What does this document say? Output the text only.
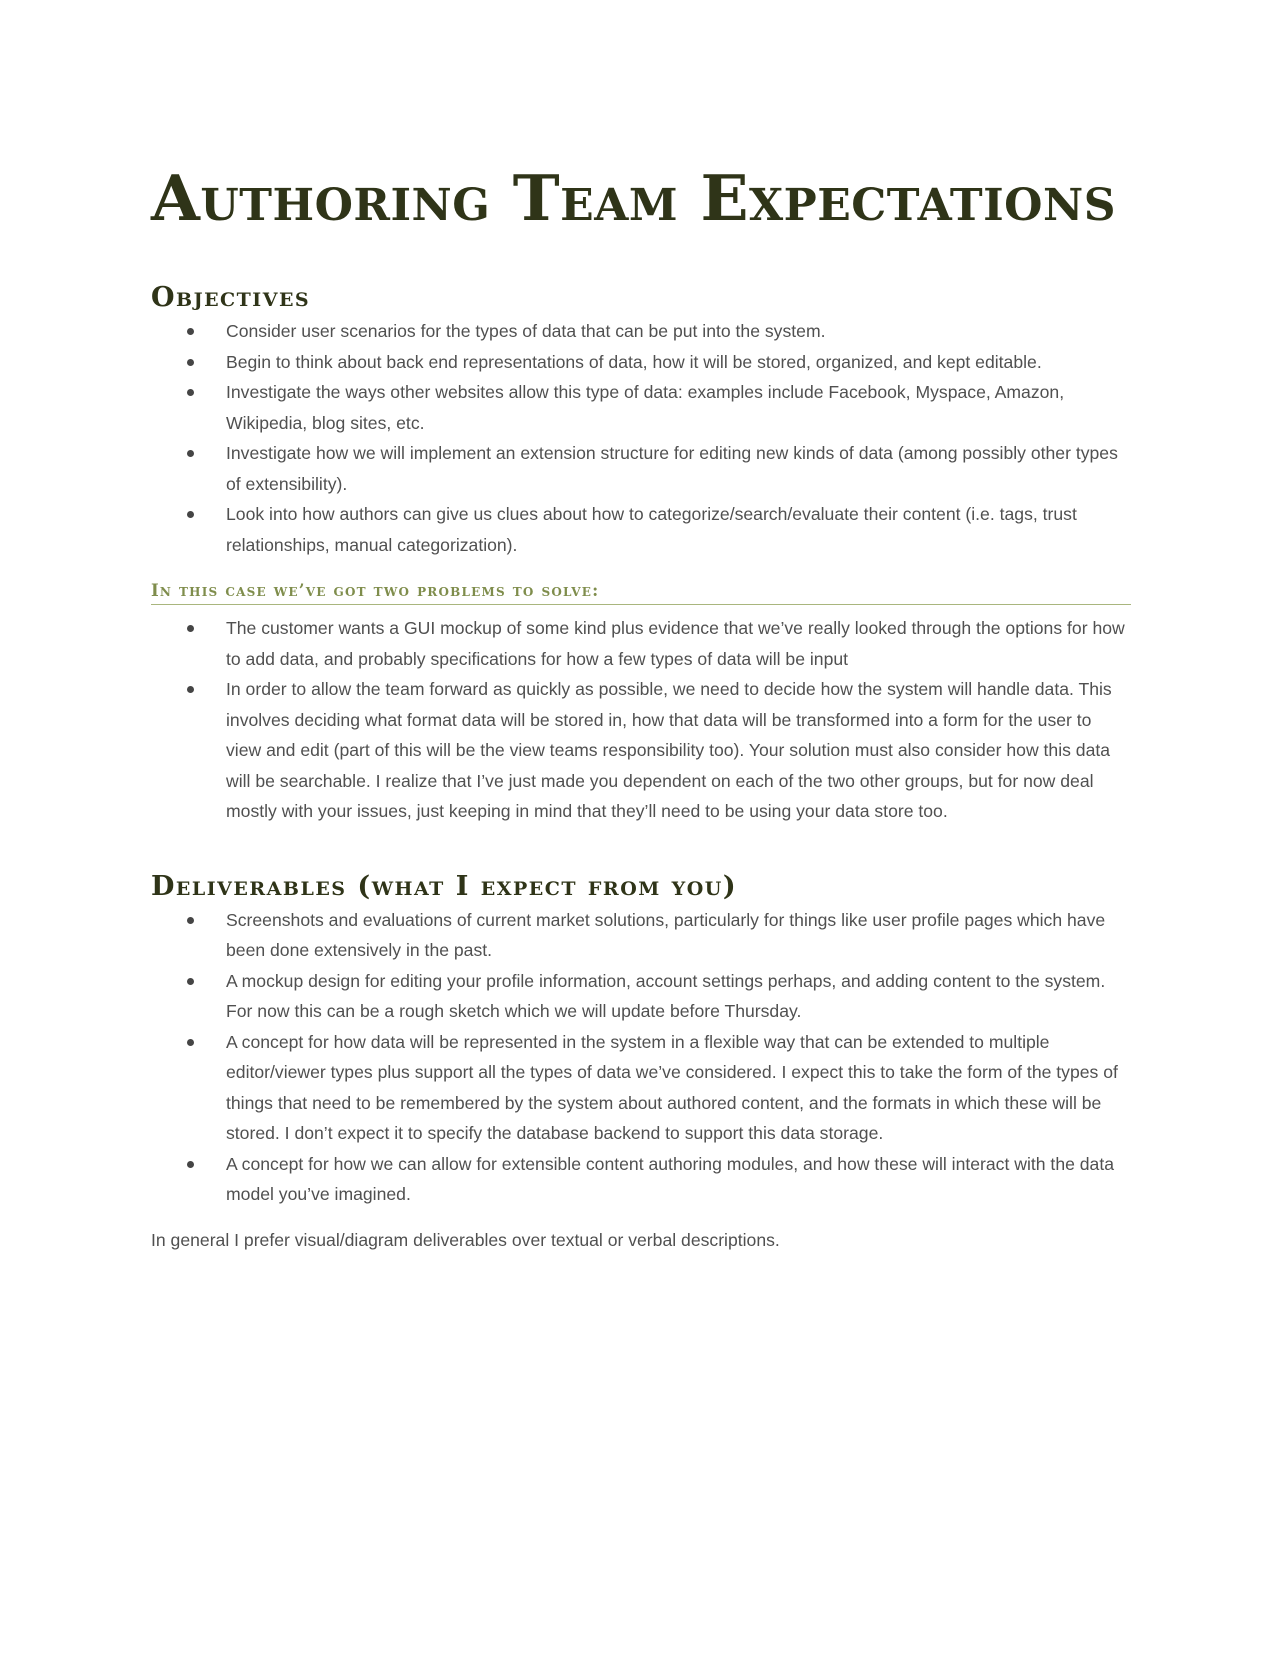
Authoring Team Expectations
Objectives
Consider user scenarios for the types of data that can be put into the system.
Begin to think about back end representations of data, how it will be stored, organized, and kept editable.
Investigate the ways other websites allow this type of data: examples include Facebook, Myspace, Amazon, Wikipedia, blog sites, etc.
Investigate how we will implement an extension structure for editing new kinds of data (among possibly other types of extensibility).
Look into how authors can give us clues about how to categorize/search/evaluate their content (i.e. tags, trust relationships, manual categorization).
In this case we’ve got two problems to solve:
The customer wants a GUI mockup of some kind plus evidence that we’ve really looked through the options for how to add data, and probably specifications for how a few types of data will be input
In order to allow the team forward as quickly as possible, we need to decide how the system will handle data. This involves deciding what format data will be stored in, how that data will be transformed into a form for the user to view and edit (part of this will be the view teams responsibility too). Your solution must also consider how this data will be searchable. I realize that I’ve just made you dependent on each of the two other groups, but for now deal mostly with your issues, just keeping in mind that they’ll need to be using your data store too.
Deliverables (what I expect from you)
Screenshots and evaluations of current market solutions, particularly for things like user profile pages which have been done extensively in the past.
A mockup design for editing your profile information, account settings perhaps, and adding content to the system. For now this can be a rough sketch which we will update before Thursday.
A concept for how data will be represented in the system in a flexible way that can be extended to multiple editor/viewer types plus support all the types of data we’ve considered. I expect this to take the form of the types of things that need to be remembered by the system about authored content, and the formats in which these will be stored. I don’t expect it to specify the database backend to support this data storage.
A concept for how we can allow for extensible content authoring modules, and how these will interact with the data model you’ve imagined.

In general I prefer visual/diagram deliverables over textual or verbal descriptions.
